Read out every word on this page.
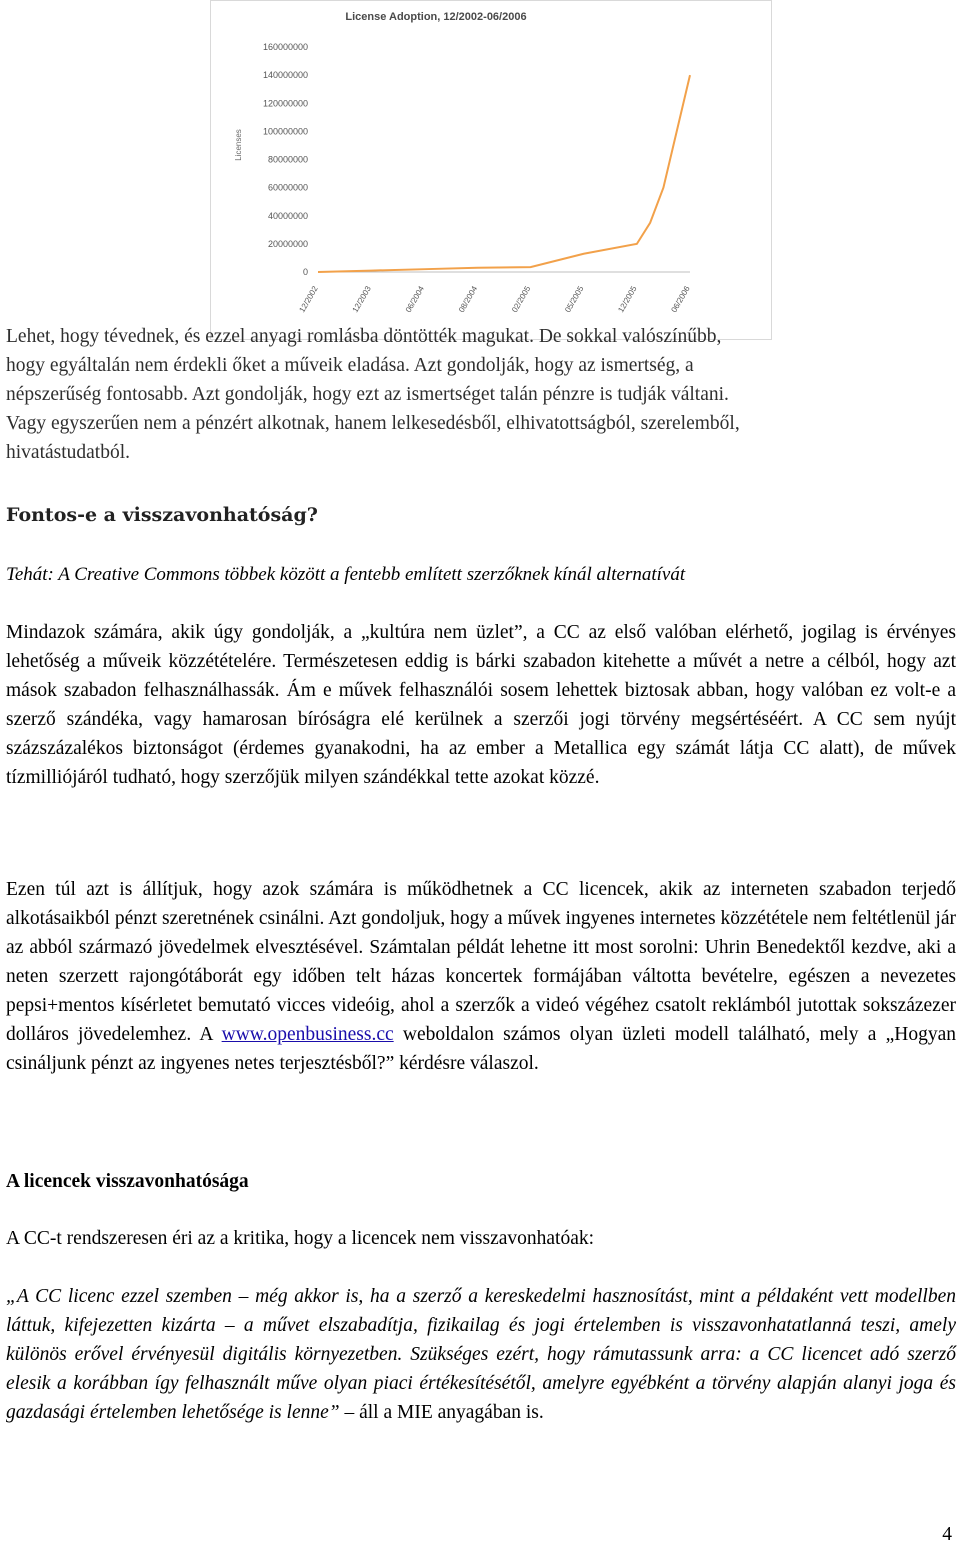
License Adoption, 12/2002-06/2006
Licenses
0
20000000
40000000
60000000
80000000
100000000
120000000
140000000
160000000
12/2002	12/2003	06/2004	08/2004	02/2005	05/2005	12/2005	06/2006
Lehet, hogy tévednek, és ezzel anyagi romlásba döntötték magukat. De sokkal valószínűbb,
hogy egyáltalán nem érdekli őket a műveik eladása. Azt gondolják, hogy az ismertség, a
népszerűség fontosabb. Azt gondolják, hogy ezt az ismertséget talán pénzre is tudják váltani.
Vagy egyszerűen nem a pénzért alkotnak, hanem lelkesedésből, elhivatottságból, szerelemből,
hivatástudatból.
Fontos-e a visszavonhatóság?
Tehát: A Creative Commons többek között a fentebb említett szerzőknek kínál alternatívát
Mindazok számára, akik úgy gondolják, a „kultúra nem üzlet”, a CC az első valóban elérhető, jogilag is érvényes lehetőség a műveik közzétételére. Természetesen eddig is bárki szabadon kitehette a művét a netre a célból, hogy azt mások szabadon felhasználhassák. Ám e művek felhasználói sosem lehettek biztosak abban, hogy valóban ez volt-e a szerző szándéka, vagy hamarosan bíróságra elé kerülnek a szerzői jogi törvény megsértéséért. A CC sem nyújt százszázalékos biztonságot (érdemes gyanakodni, ha az ember a Metallica egy számát látja CC alatt), de művek tízmilliójáról tudható, hogy szerzőjük milyen szándékkal tette azokat közzé.
Ezen túl azt is állítjuk, hogy azok számára is működhetnek a CC licencek, akik az interneten szabadon terjedő alkotásaikból pénzt szeretnének csinálni. Azt gondoljuk, hogy a művek ingyenes internetes közzététele nem feltétlenül jár az abból származó jövedelmek elvesztésével. Számtalan példát lehetne itt most sorolni: Uhrin Benedektől kezdve, aki a neten szerzett rajongótáborát egy időben telt házas koncertek formájában váltotta bevételre, egészen a nevezetes pepsi+mentos kísérletet bemutató vicces videóig, ahol a szerzők a videó végéhez csatolt reklámból jutottak sokszázezer dolláros jövedelemhez. A www.openbusiness.cc weboldalon számos olyan üzleti modell található, mely a „Hogyan csináljunk pénzt az ingyenes netes terjesztésből?” kérdésre válaszol.
A licencek visszavonhatósága
A CC-t rendszeresen éri az a kritika, hogy a licencek nem visszavonhatóak:
„A CC licenc ezzel szemben – még akkor is, ha a szerző a kereskedelmi hasznosítást, mint a példaként vett modellben láttuk, kifejezetten kizárta – a művet elszabadítja, fizikailag és jogi értelemben is visszavonhatatlanná teszi, amely különös erővel érvényesül digitális környezetben. Szükséges ezért, hogy rámutassunk arra: a CC licencet adó szerző elesik a korábban így felhasznált műve olyan piaci értékesítésétől, amelyre egyébként a törvény alapján alanyi joga és gazdasági értelemben lehetősége is lenne” – áll a MIE anyagában is.
4
